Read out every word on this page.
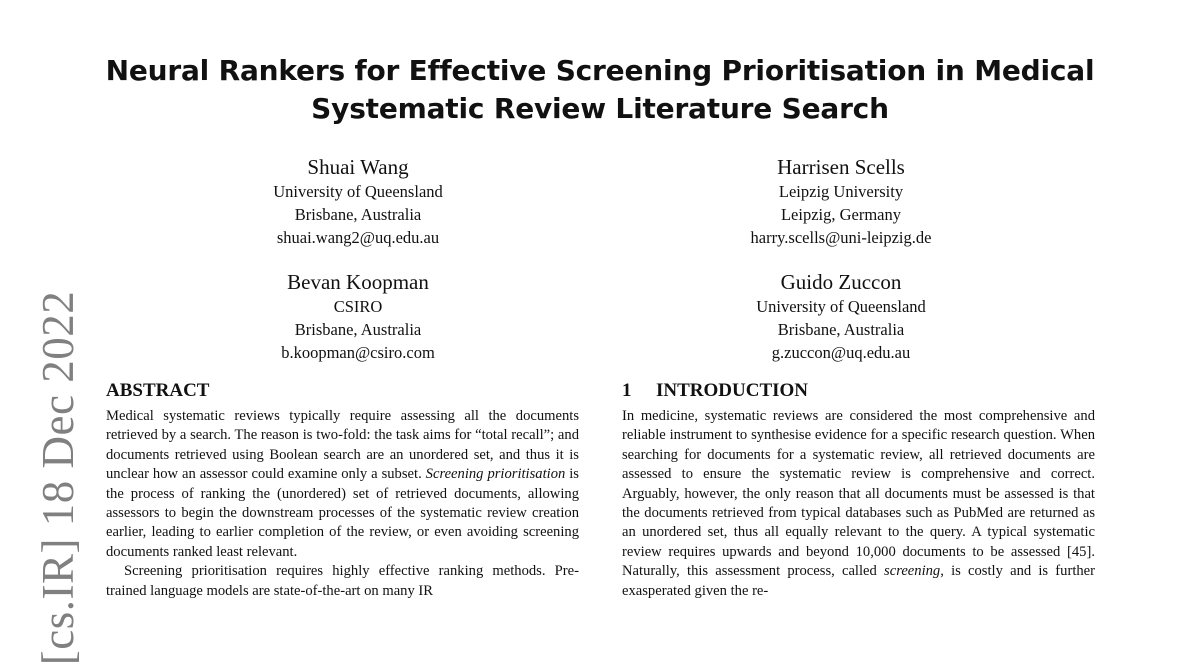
[cs.IR] 18 Dec 2022
Neural Rankers for Effective Screening Prioritisation in Medical
Systematic Review Literature Search
Shuai Wang
University of Queensland
Brisbane, Australia
shuai.wang2@uq.edu.au
Harrisen Scells
Leipzig University
Leipzig, Germany
harry.scells@uni-leipzig.de
Bevan Koopman
CSIRO
Brisbane, Australia
b.koopman@csiro.com
Guido Zuccon
University of Queensland
Brisbane, Australia
g.zuccon@uq.edu.au
ABSTRACT

Medical systematic reviews typically require assessing all the documents retrieved by a search. The reason is two-fold: the task aims for “total recall”; and documents retrieved using Boolean search are an unordered set, and thus it is unclear how an assessor could examine only a subset. Screening prioritisation is the process of ranking the (unordered) set of retrieved documents, allowing assessors to begin the downstream processes of the systematic review creation earlier, leading to earlier completion of the review, or even avoiding screening documents ranked least relevant.

Screening prioritisation requires highly effective ranking methods. Pre-trained language models are state-of-the-art on many IR

1 INTRODUCTION

In medicine, systematic reviews are considered the most comprehensive and reliable instrument to synthesise evidence for a specific research question. When searching for documents for a systematic review, all retrieved documents are assessed to ensure the systematic review is comprehensive and correct. Arguably, however, the only reason that all documents must be assessed is that the documents retrieved from typical databases such as PubMed are returned as an unordered set, thus all equally relevant to the query. A typical systematic review requires upwards and beyond 10,000 documents to be assessed [45]. Naturally, this assessment process, called screening, is costly and is further exasperated given the re-
